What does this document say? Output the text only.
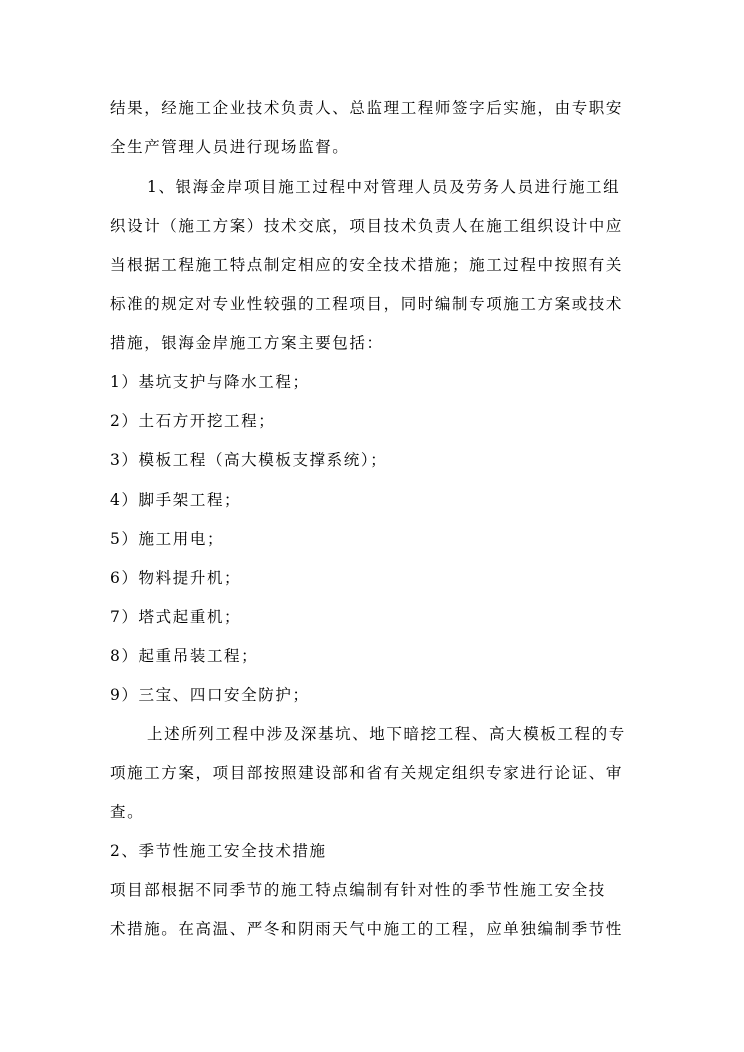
结果，经施工企业技术负责人、总监理工程师签字后实施，由专职安
全生产管理人员进行现场监督。
1、银海金岸项目施工过程中对管理人员及劳务人员进行施工组
织设计（施工方案）技术交底，项目技术负责人在施工组织设计中应
当根据工程施工特点制定相应的安全技术措施；施工过程中按照有关
标准的规定对专业性较强的工程项目，同时编制专项施工方案或技术
措施，银海金岸施工方案主要包括：
1）基坑支护与降水工程；
2）土石方开挖工程；
3）模板工程（高大模板支撑系统）；
4）脚手架工程；
5）施工用电；
6）物料提升机；
7）塔式起重机；
8）起重吊装工程；
9）三宝、四口安全防护；
上述所列工程中涉及深基坑、地下暗挖工程、高大模板工程的专
项施工方案，项目部按照建设部和省有关规定组织专家进行论证、审
查。
2、季节性施工安全技术措施
项目部根据不同季节的施工特点编制有针对性的季节性施工安全技
术措施。在高温、严冬和阴雨天气中施工的工程，应单独编制季节性
